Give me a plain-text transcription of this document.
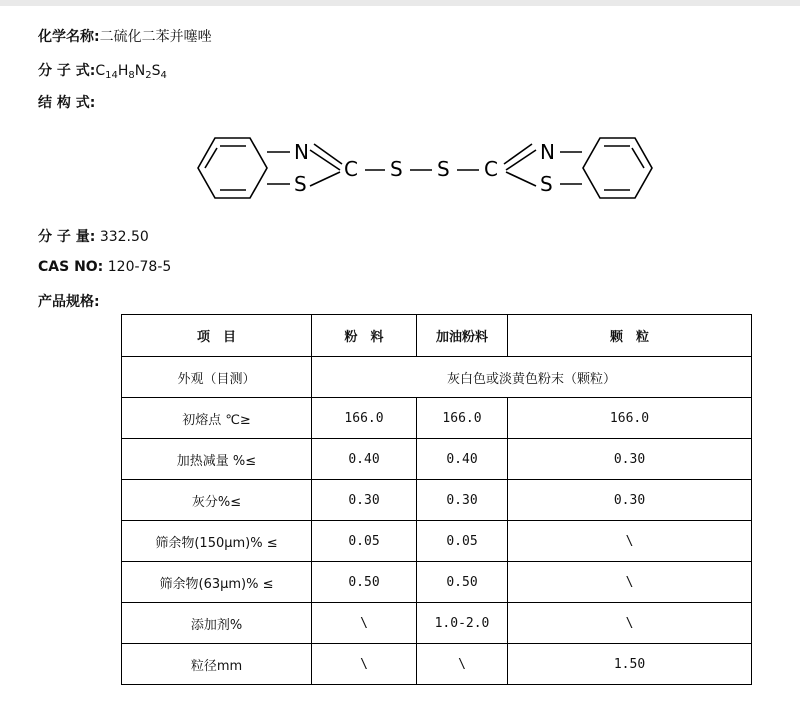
化学名称:二硫化二苯并噻唑
分 子 式$:C_{14}H_8N_2S_4$
结 构 式:
N
S
C S S C
N
S
分 子 量: 332.50
CAS NO: 120-78-5
产品规格:
项　目	粉　料	加油粉料	颗　粒
外观（目测）	灰白色或淡黄色粉末（颗粒）		
初熔点 ℃≥	166.0	166.0	166.0
加热减量 %≤	0.40	0.40	0.30
灰分%≤	0.30	0.30	0.30
筛余物(150μm)% ≤	0.05	0.05	\
筛余物(63μm)% ≤	0.50	0.50	\
添加剂%	\	1.0-2.0	\
粒径mm	\	\	1.50
